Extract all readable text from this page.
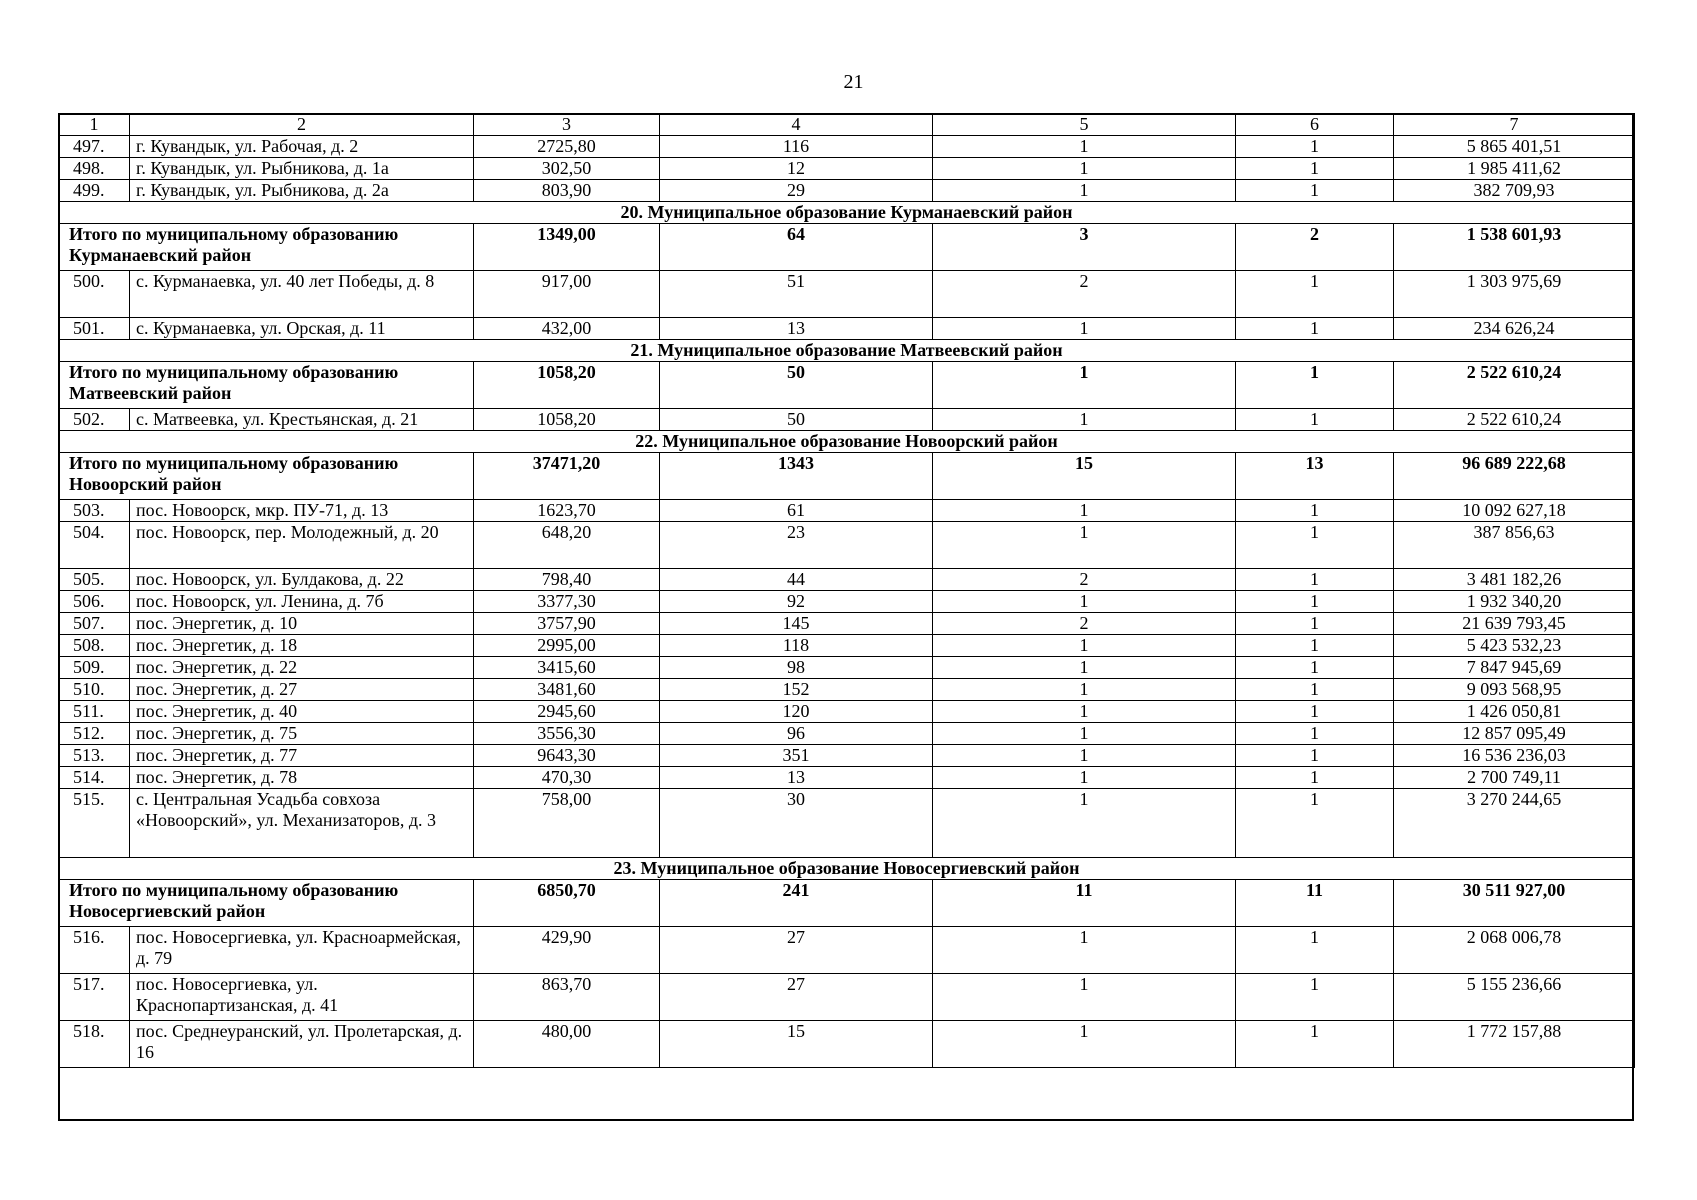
21
1	2	3	4	5	6	7
497.	г. Кувандык, ул. Рабочая, д. 2	2725,80	116	1	1	5 865 401,51
498.	г. Кувандык, ул. Рыбникова, д. 1а	302,50	12	1	1	1 985 411,62
499.	г. Кувандык, ул. Рыбникова, д. 2а	803,90	29	1	1	382 709,93
20. Муниципальное образование Курманаевский район						
Итого по муниципальному образованию Курманаевский район		1349,00	64	3	2	1 538 601,93
500.	с. Курманаевка, ул. 40 лет Победы, д. 8	917,00	51	2	1	1 303 975,69
501.	с. Курманаевка, ул. Орская, д. 11	432,00	13	1	1	234 626,24
21. Муниципальное образование Матвеевский район						
Итого по муниципальному образованию Матвеевский район		1058,20	50	1	1	2 522 610,24
502.	с. Матвеевка, ул. Крестьянская, д. 21	1058,20	50	1	1	2 522 610,24
22. Муниципальное образование Новоорский район						
Итого по муниципальному образованию Новоорский район		37471,20	1343	15	13	96 689 222,68
503.	пос. Новоорск, мкр. ПУ-71, д. 13	1623,70	61	1	1	10 092 627,18
504.	пос. Новоорск, пер. Молодежный, д. 20	648,20	23	1	1	387 856,63
505.	пос. Новоорск, ул. Булдакова, д. 22	798,40	44	2	1	3 481 182,26
506.	пос. Новоорск, ул. Ленина, д. 7б	3377,30	92	1	1	1 932 340,20
507.	пос. Энергетик, д. 10	3757,90	145	2	1	21 639 793,45
508.	пос. Энергетик, д. 18	2995,00	118	1	1	5 423 532,23
509.	пос. Энергетик, д. 22	3415,60	98	1	1	7 847 945,69
510.	пос. Энергетик, д. 27	3481,60	152	1	1	9 093 568,95
511.	пос. Энергетик, д. 40	2945,60	120	1	1	1 426 050,81
512.	пос. Энергетик, д. 75	3556,30	96	1	1	12 857 095,49
513.	пос. Энергетик, д. 77	9643,30	351	1	1	16 536 236,03
514.	пос. Энергетик, д. 78	470,30	13	1	1	2 700 749,11
515.	с. Центральная Усадьба совхоза «Новоорский», ул. Механизаторов, д. 3	758,00	30	1	1	3 270 244,65
23. Муниципальное образование Новосергиевский район						
Итого по муниципальному образованию Новосергиевский район		6850,70	241	11	11	30 511 927,00
516.	пос. Новосергиевка, ул. Красноармейская, д. 79	429,90	27	1	1	2 068 006,78
517.	пос. Новосергиевка, ул. Краснопартизанская, д. 41	863,70	27	1	1	5 155 236,66
518.	пос. Среднеуранский, ул. Пролетарская, д. 16	480,00	15	1	1	1 772 157,88
